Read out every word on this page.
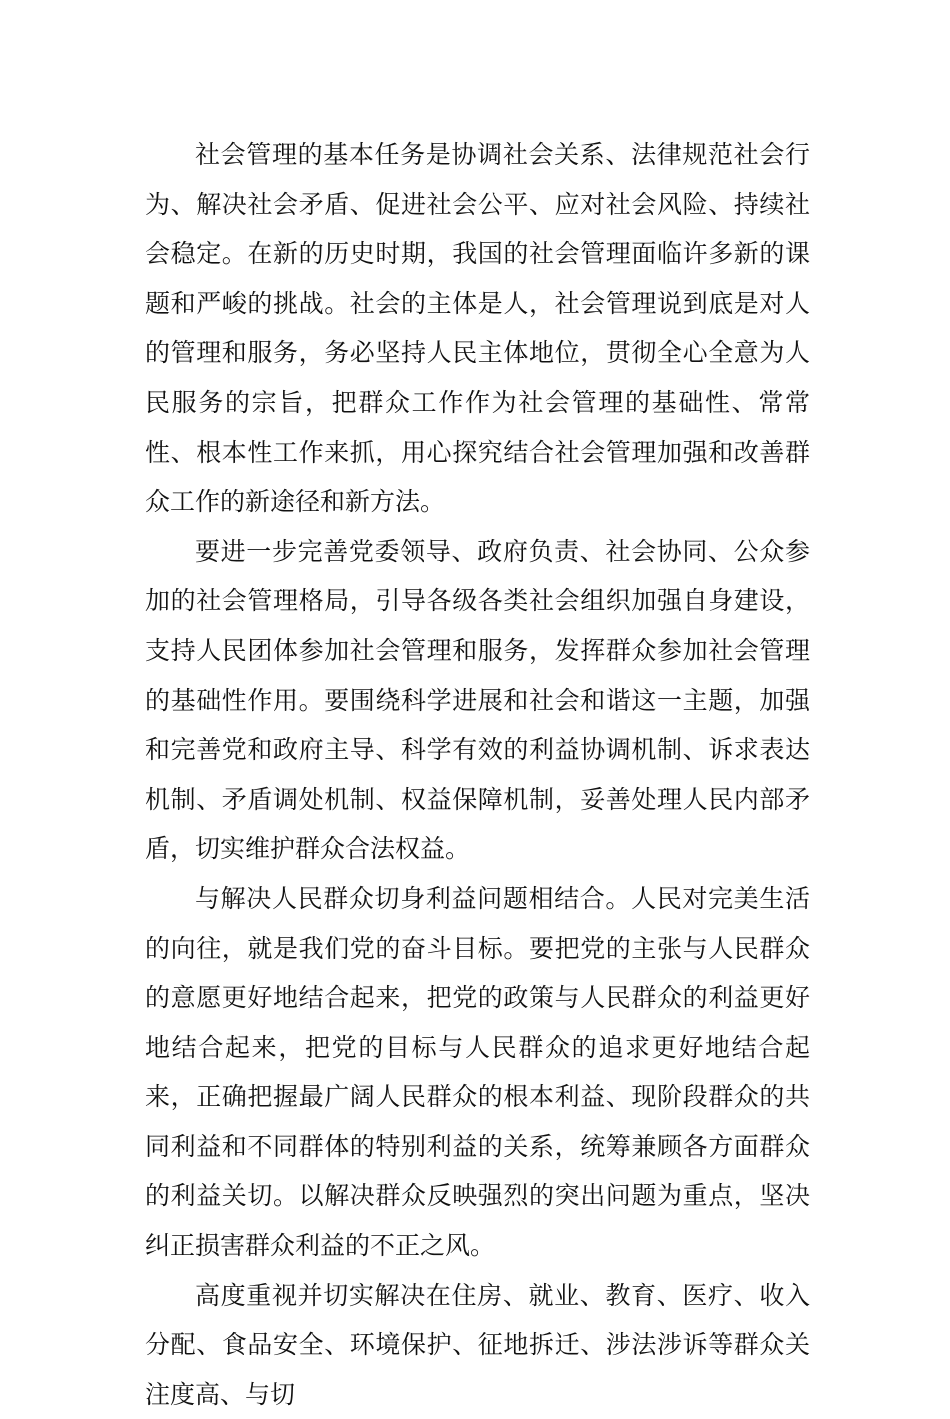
社会管理的基本任务是协调社会关系、法律规范社会行为、解决社会矛盾、促进社会公平、应对社会风险、持续社会稳定。在新的历史时期，我国的社会管理面临许多新的课题和严峻的挑战。社会的主体是人，社会管理说到底是对人的管理和服务，务必坚持人民主体地位，贯彻全心全意为人民服务的宗旨，把群众工作作为社会管理的基础性、常常性、根本性工作来抓，用心探究结合社会管理加强和改善群众工作的新途径和新方法。

要进一步完善党委领导、政府负责、社会协同、公众参加的社会管理格局，引导各级各类社会组织加强自身建设，支持人民团体参加社会管理和服务，发挥群众参加社会管理的基础性作用。要围绕科学进展和社会和谐这一主题，加强和完善党和政府主导、科学有效的利益协调机制、诉求表达机制、矛盾调处机制、权益保障机制，妥善处理人民内部矛盾，切实维护群众合法权益。

与解决人民群众切身利益问题相结合。人民对完美生活的向往，就是我们党的奋斗目标。要把党的主张与人民群众的意愿更好地结合起来，把党的政策与人民群众的利益更好地结合起来，把党的目标与人民群众的追求更好地结合起来，正确把握最广阔人民群众的根本利益、现阶段群众的共同利益和不同群体的特别利益的关系，统筹兼顾各方面群众的利益关切。以解决群众反映强烈的突出问题为重点，坚决纠正损害群众利益的不正之风。

高度重视并切实解决在住房、就业、教育、医疗、收入分配、食品安全、环境保护、征地拆迁、涉法涉诉等群众关注度高、与切
